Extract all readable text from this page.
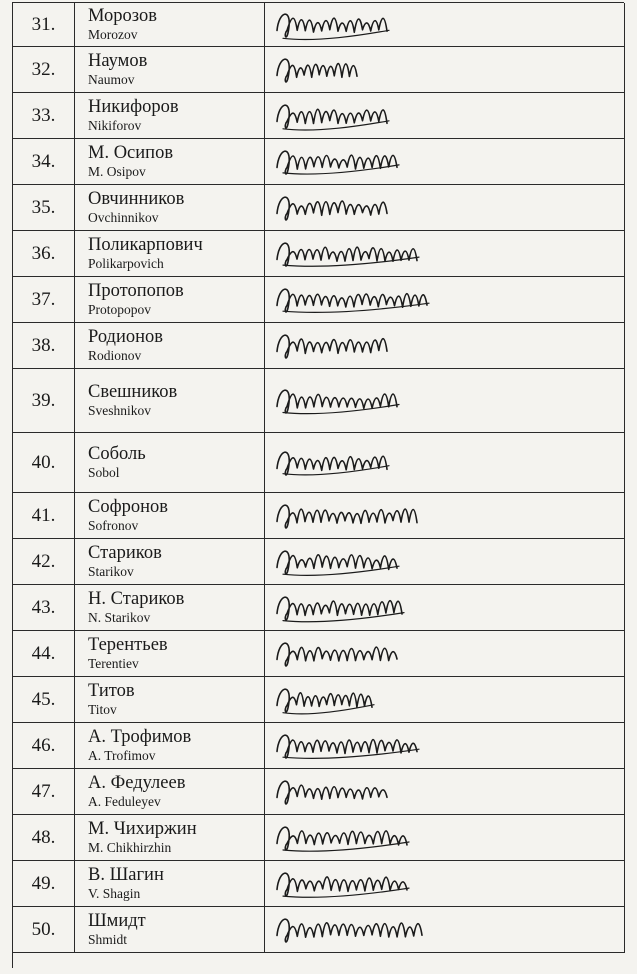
31.	Морозов
Morozov
32.	Наумов
Naumov
33.	Никифоров
Nikiforov
34.	М. Осипов
M. Osipov
35.	Овчинников
Ovchinnikov
36.	Поликарпович
Polikarpovich
37.	Протопопов
Protopopov
38.	Родионов
Rodionov
39.	Свешников
Sveshnikov
40.	Соболь
Sobol
41.	Софронов
Sofronov
42.	Стариков
Starikov
43.	Н. Стариков
N. Starikov
44.	Терентьев
Terentiev
45.	Титов
Titov
46.	А. Трофимов
A. Trofimov
47.	А. Федулеев
A. Feduleyev
48.	М. Чихиржин
M. Chikhirzhin
49.	В. Шагин
V. Shagin
50.	Шмидт
Shmidt
